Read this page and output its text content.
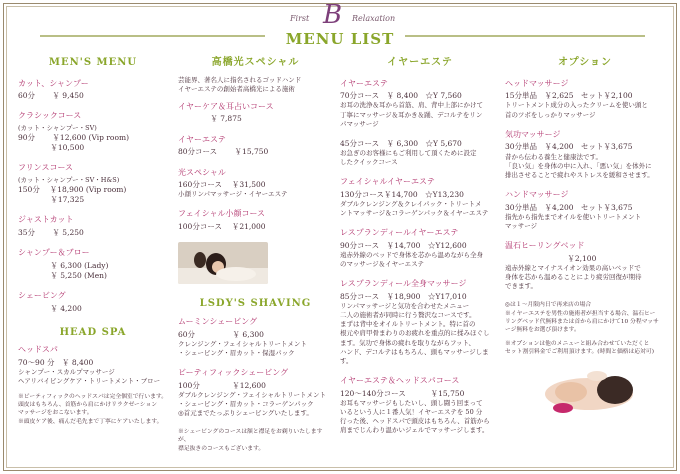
First B Relaxation
MENU LIST
MEN'S MENU
カット、シャンプー
60分　　 ￥ 9,450
クラシックコース
(カット・シャンプー・SV)
90分　　 ￥12,600 (Vip room)
　　　　 ￥10,500
フリンスコース
(カット・シャンプー・SV・H&S)
150分　 ￥18,900 (Vip room)
　　　　 ￥17,325
ジャストカット
35分　　 ￥ 5,250
シャンプー＆ブロー
　　　　 ￥ 6,300 (Lady)
　　　　 ￥ 5,250 (Men)
シェービング
　　　　 ￥ 4,200
HEAD SPA
ヘッドスパ
70〜90 分　￥ 8,400
シャンプー・スカルプマッサージ
ヘアリバイビングケア・トリートメント・ブロー
※ビーティフィックのヘッドスパは完全個室で行います。
頭皮はもちろん、首筋から肩にかけリラクゼーション
マッサージをおこないます。
※頭皮ケア後、痛んだ毛先まで丁寧にケアいたします。
高橋光スペシャル
芸能界、著名人に指名されるゴッドハンド
イヤーエステの創始者高橋光による施術
イヤーケア＆耳占いコース
　　　　 ￥ 7,875
イヤーエステ
80分コース　　 ￥15,750
光スペシャル
160分コース　 ￥31,500
小顔リンパマッサージ・イヤーエステ
フェイシャル小顔コース
100分コース　 ￥21,000
LSDY'S SHAVING
ムーミンシェービング
60分　　　　　￥ 6,300
クレンジング・フェイシャルトリートメント
・シェービング・眉カット・保湿パック
ビーティフィックシェービング
100分　　　　 ￥12,600
ダブルクレンジング・フェイシャルトリートメント
・シェービング・眉カット・コラーゲンパック
◎首元までたっぷりシェービングいたします。
※シェービングのコースは額と襟足をお剃りいたしますが、
襟足抜きのコースもございます。
イヤーエステ
イヤーエステ
70分コース　￥ 8,400　☆Y 7,560
お耳の洗浄＆耳から首筋、肩、背中上部にかけて
丁寧にマッサージ＆耳かき＆踊、デコルテをリン
パマッサージ
45分コース　￥ 6,300　☆Y 5,670
お急ぎのお客様にもご利用して頂くために設定
したクイックコース
フェイシャルイヤーエステ
130分コース￥14,700　☆Y13,230
ダブルクレンジング＆クレイパック・トリートメ
ントマッサージ＆コラーゲンパック＆イヤーエステ
レスプランディールイヤーエステ
90分コース　￥14,700　☆Y12,600
遠赤外線のベッドで身体を芯から温めながら全身
のマッサージ＆イヤーエステ
レスプランディール全身マッサージ
85分コース　￥18,900　☆Y17,010
リンパマッサージと気功を合わせたメニュー
二人の施術者が同時に行う贅沢なコースです。
まずは背中をオイルトリートメント。特に首の
根元や肩甲骨まわりのお疲れを重点的に揉みほぐし
ます。気功で身体の疲れを取りながらフット、
ハンド、デコルテはもちろん、頭もマッサージします。
イヤーエステ＆ヘッドスパコース
120〜140分コース　　　 ￥15,750
お耳もマッサージもしたいし、頭し闘う回まって
いるという人に１番人気！イヤーエステを 50 分
行った後、ヘッドスパで頭皮はもちろん、首筋から
肩までじんわり温かいジェルでマッサージします。
オプション
ヘッドマッサージ
15分単品　￥2,625　セット￥2,100
トリートメント成分の入ったクリームを使い頭と
首のツボをしっかりマッサージ
気功マッサージ
30分単品　￥4,200　セット￥3,675
昔から伝わる養生と健康法です。
「良い気」を身体の中に入れ、「悪い気」を体外に
排出させることで疲れやストレスを緩和させます。
ハンドマッサージ
30分単品　￥4,200　セット￥3,675
指先から指先までオイルを使いトリートメント
マッサージ
温石ヒーリングベッド
　　　　　　　　 ￥2,100
遠赤外線とマイナスイオン効果の高いベッドで
身体を芯から温めることにより疲労回復が期待
できます。
◎は１〜月限内日で再来店の場合
※イヤーエステを男性の施術者が担当する場合、温石ヒー
リングベッド代無料または首から肩にかけて10 分程マッサ
ージ無料をお選び頂けます。
※オプションは他のメニューと組み合わせていただくと
セット割引料金でご利用頂けます。(時間と価格は応対可)
